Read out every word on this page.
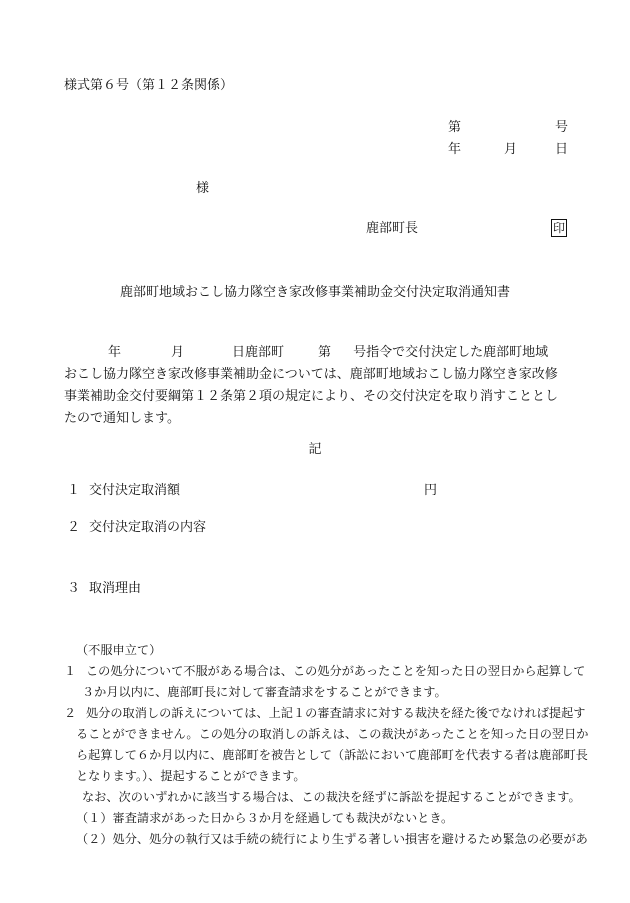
様式第６号（第１２条関係）
第	号
年	月	日
様
鹿部町長	印
鹿部町地域おこし協力隊空き家改修事業補助金交付決定取消通知書
年	月	日鹿部町	第 号指令で交付決定した鹿部町地域
おこし協力隊空き家改修事業補助金については、鹿部町地域おこし協力隊空き家改修
事業補助金交付要綱第１２条第２項の規定により、その交付決定を取り消すこととし
たので通知します。
記
１ 交付決定取消額	円
２ 交付決定取消の内容
３ 取消理由
（不服申立て）
１ この処分について不服がある場合は、この処分があったことを知った日の翌日から起算して
３か月以内に、鹿部町長に対して審査請求をすることができます。
２ 処分の取消しの訴えについては、上記１の審査請求に対する裁決を経た後でなければ提起す
ることができません。この処分の取消しの訴えは、この裁決があったことを知った日の翌日か
ら起算して６か月以内に、鹿部町を被告として（訴訟において鹿部町を代表する者は鹿部町長
となります。）、提起することができます。
なお、次のいずれかに該当する場合は、この裁決を経ずに訴訟を提起することができます。
（１）審査請求があった日から３か月を経過しても裁決がないとき。
（２）処分、処分の執行又は手続の続行により生ずる著しい損害を避けるため緊急の必要があ
